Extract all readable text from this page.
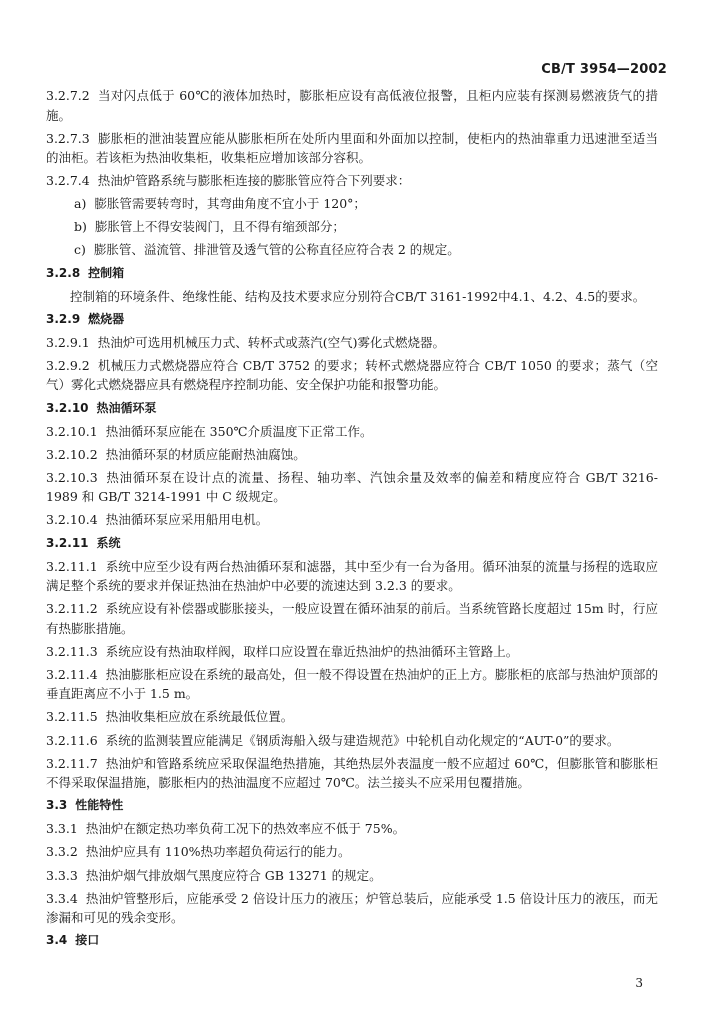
CB/T 3954—2002
3.2.7.2 当对闪点低于 60℃的液体加热时，膨胀柜应设有高低液位报警，且柜内应装有探测易燃液货气的措施。
3.2.7.3 膨胀柜的泄油装置应能从膨胀柜所在处所内里面和外面加以控制，使柜内的热油靠重力迅速泄至适当的油柜。若该柜为热油收集柜，收集柜应增加该部分容积。
3.2.7.4 热油炉管路系统与膨胀柜连接的膨胀管应符合下列要求：
a) 膨胀管需要转弯时，其弯曲角度不宜小于 120°；
b) 膨胀管上不得安装阀门，且不得有缩颈部分；
c) 膨胀管、溢流管、排泄管及透气管的公称直径应符合表 2 的规定。
3.2.8 控制箱
控制箱的环境条件、绝缘性能、结构及技术要求应分别符合CB/T 3161-1992中4.1、4.2、4.5的要求。
3.2.9 燃烧器
3.2.9.1 热油炉可选用机械压力式、转杯式或蒸汽(空气)雾化式燃烧器。
3.2.9.2 机械压力式燃烧器应符合 CB/T 3752 的要求；转杯式燃烧器应符合 CB/T 1050 的要求；蒸气（空气）雾化式燃烧器应具有燃烧程序控制功能、安全保护功能和报警功能。
3.2.10 热油循环泵
3.2.10.1 热油循环泵应能在 350℃介质温度下正常工作。
3.2.10.2 热油循环泵的材质应能耐热油腐蚀。
3.2.10.3 热油循环泵在设计点的流量、扬程、轴功率、汽蚀余量及效率的偏差和精度应符合 GB/T 3216-1989 和 GB/T 3214-1991 中 C 级规定。
3.2.10.4 热油循环泵应采用船用电机。
3.2.11 系统
3.2.11.1 系统中应至少设有两台热油循环泵和滤器，其中至少有一台为备用。循环油泵的流量与扬程的选取应满足整个系统的要求并保证热油在热油炉中必要的流速达到 3.2.3 的要求。
3.2.11.2 系统应设有补偿器或膨胀接头，一般应设置在循环油泵的前后。当系统管路长度超过 15m 时，行应有热膨胀措施。
3.2.11.3 系统应设有热油取样阀，取样口应设置在靠近热油炉的热油循环主管路上。
3.2.11.4 热油膨胀柜应设在系统的最高处，但一般不得设置在热油炉的正上方。膨胀柜的底部与热油炉顶部的垂直距离应不小于 1.5 m。
3.2.11.5 热油收集柜应放在系统最低位置。
3.2.11.6 系统的监测装置应能满足《钢质海船入级与建造规范》中轮机自动化规定的“AUT-0”的要求。
3.2.11.7 热油炉和管路系统应采取保温绝热措施，其绝热层外表温度一般不应超过 60℃，但膨胀管和膨胀柜不得采取保温措施，膨胀柜内的热油温度不应超过 70℃。法兰接头不应采用包覆措施。
3.3 性能特性
3.3.1 热油炉在额定热功率负荷工况下的热效率应不低于 75%。
3.3.2 热油炉应具有 110%热功率超负荷运行的能力。
3.3.3 热油炉烟气排放烟气黑度应符合 GB 13271 的规定。
3.3.4 热油炉管整形后，应能承受 2 倍设计压力的液压；炉管总装后，应能承受 1.5 倍设计压力的液压，而无渗漏和可见的残余变形。
3.4 接口
3
